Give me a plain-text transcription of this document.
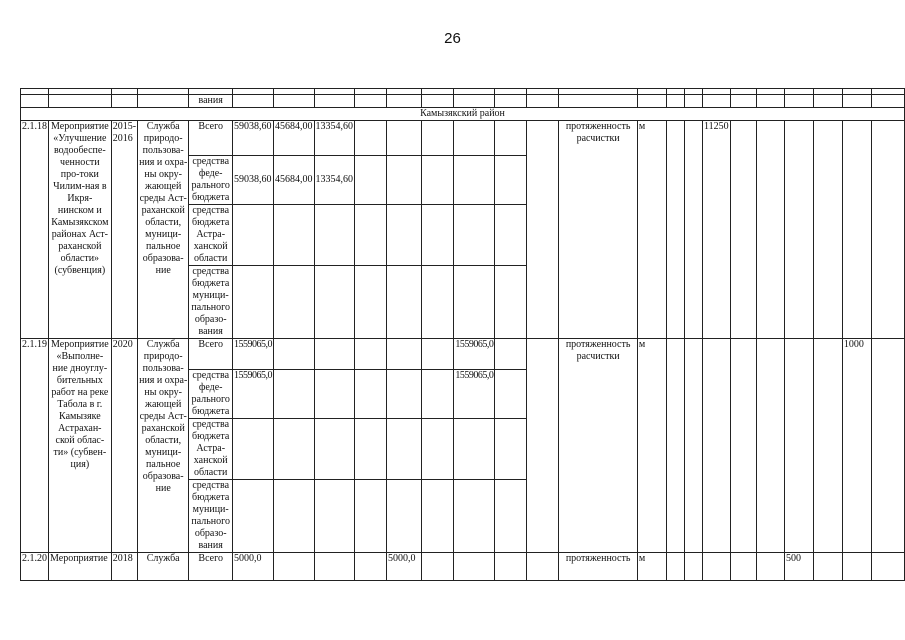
26

				вания																				
Камызякский район																								
2.1.18	Мероприятие «Улучшение водообеспе-ченности про-токи Чилим-ная в Икря-нинском и Камызякском районах Аст-раханской области» (субвенция)	2015-2016	Служба природо-пользова-ния и охра-ны окру-жающей среды Аст-раханской области, муници-пальное образова-ние	Всего	59038,60	45684,00	13354,60							протяженность расчистки	м			11250						
				средства феде-рального бюджета	59038,60	45684,00	13354,60																	
				средства бюджета Астра-ханской области																				
				средства бюджета муници-пального образо-вания																				
2.1.19	Мероприятие «Выполне-ние дноуглу-бительных работ на реке Табола в г. Камызяке Астрахан-ской облас-ти» (субвен-ция)	2020	Служба природо-пользова-ния и охра-ны окру-жающей среды Аст-раханской области, муници-пальное образова-ние	Всего	1559065,0						1559065,0			протяженность расчистки	м								1000	
				средства феде-рального бюджета	1559065,0						1559065,0													
				средства бюджета Астра-ханской области																				
				средства бюджета муници-пального образо-вания																				
2.1.20	Мероприятие	2018	Служба	Всего	5000,0				5000,0					протяженность	м						500			
